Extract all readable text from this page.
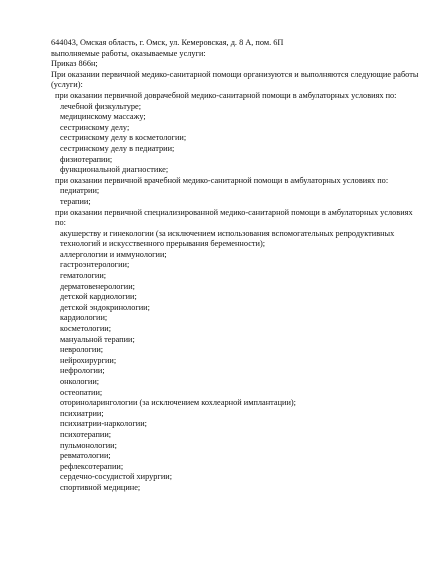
644043, Омская область, г. Омск, ул. Кемеровская, д. 8 А, пом. 6П

выполняемые работы, оказываемые услуги:

Приказ 866н;

При оказании первичной медико-санитарной помощи организуются и выполняются следующие работы (услуги):

при оказании первичной доврачебной медико-санитарной помощи в амбулаторных условиях по:

лечебной физкультуре;

медицинскому массажу;

сестринскому делу;

сестринскому делу в косметологии;

сестринскому делу в педиатрии;

физиотерапии;

функциональной диагностике;

при оказании первичной врачебной медико-санитарной помощи в амбулаторных условиях по:

педиатрии;

терапии;

при оказании первичной специализированной медико-санитарной помощи в амбулаторных условиях по:

акушерству и гинекологии (за исключением использования вспомогательных репродуктивных технологий и искусственного прерывания беременности);

аллергологии и иммунологии;

гастроэнтерологии;

гематологии;

дерматовенерологии;

детской кардиологии;

детской эндокринологии;

кардиологии;

косметологии;

мануальной терапии;

неврологии;

нейрохирургии;

нефрологии;

онкологии;

остеопатии;

оториноларингологии (за исключением кохлеарной имплантации);

психиатрии;

психиатрии-наркологии;

психотерапии;

пульмонологии;

ревматологии;

рефлексотерапии;

сердечно-сосудистой хирургии;

спортивной медицине;
